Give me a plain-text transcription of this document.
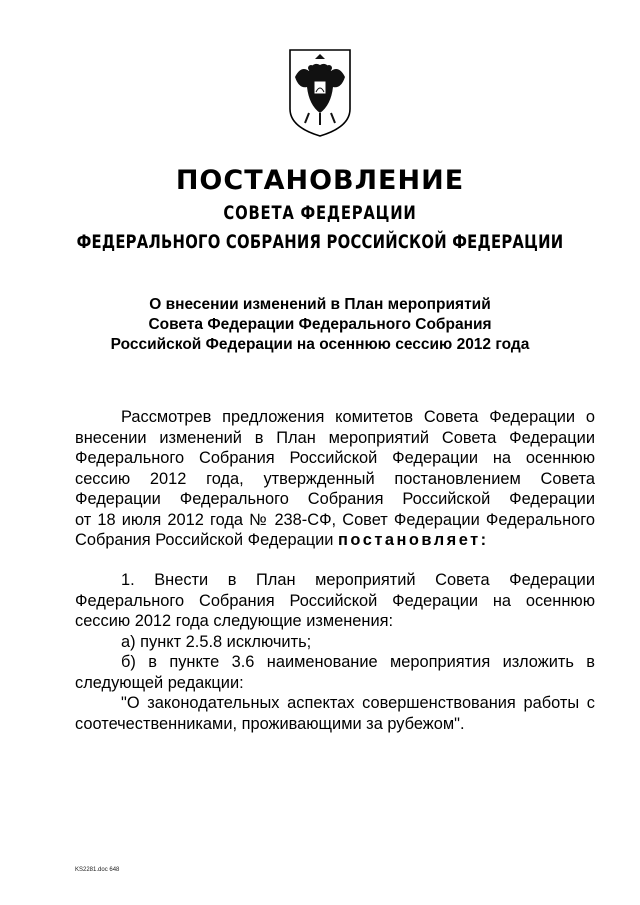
ПОСТАНОВЛЕНИЕ
СОВЕТА ФЕДЕРАЦИИ
ФЕДЕРАЛЬНОГО СОБРАНИЯ РОССИЙСКОЙ ФЕДЕРАЦИИ
О внесении изменений в План мероприятий
Совета Федерации Федерального Собрания
Российской Федерации на осеннюю сессию 2012 года
Рассмотрев предложения комитетов Совета Федерации о
внесении изменений в План мероприятий Совета Федерации
Федерального Собрания Российской Федерации на осеннюю
сессию 2012 года, утвержденный постановлением Совета
Федерации Федерального Собрания Российской Федерации
от 18 июля 2012 года № 238-СФ, Совет Федерации Федерального
Собрания Российской Федерации постановляет:
1. Внести в План мероприятий Совета Федерации
Федерального Собрания Российской Федерации на осеннюю
сессию 2012 года следующие изменения:
а) пункт 2.5.8 исключить;
б) в пункте 3.6 наименование мероприятия изложить в
следующей редакции:
"О законодательных аспектах совершенствования работы с
соотечественниками, проживающими за рубежом".
KS2281.doc 648
